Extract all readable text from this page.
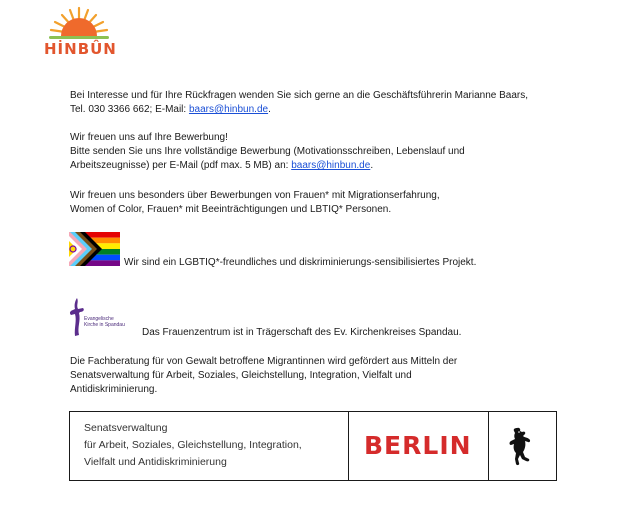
HİNBÛN
Bei Interesse und für Ihre Rückfragen wenden Sie sich gerne an die Geschäftsführerin Marianne Baars,
Tel. 030 3366 662; E-Mail: baars@hinbun.de.
Wir freuen uns auf Ihre Bewerbung!
Bitte senden Sie uns Ihre vollständige Bewerbung (Motivationsschreiben, Lebenslauf und
Arbeitszeugnisse) per E-Mail (pdf max. 5 MB) an: baars@hinbun.de.
Wir freuen uns besonders über Bewerbungen von Frauen* mit Migrationserfahrung,
Women of Color, Frauen* mit Beeinträchtigungen und LBTIQ* Personen.
Wir sind ein LGBTIQ*-freundliches und diskriminierungs-sensibilisiertes Projekt.
Evangelische
Kirche in Spandau
Das Frauenzentrum ist in Trägerschaft des Ev. Kirchenkreises Spandau.
Die Fachberatung für von Gewalt betroffene Migrantinnen wird gefördert aus Mitteln der
Senatsverwaltung für Arbeit, Soziales, Gleichstellung, Integration, Vielfalt und
Antidiskriminierung.
Senatsverwaltung
für Arbeit, Soziales, Gleichstellung, Integration,
Vielfalt und Antidiskriminierung
BERLIN
